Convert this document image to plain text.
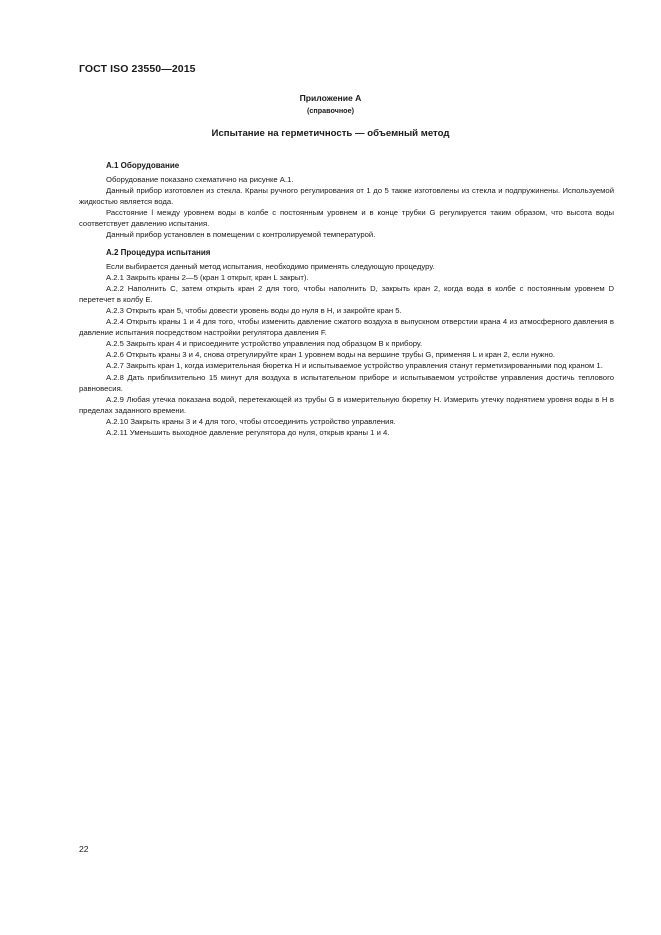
ГОСТ ISO 23550—2015
Приложение А
(справочное)
Испытание на герметичность — объемный метод
А.1 Оборудование

Оборудование показано схематично на рисунке А.1.

Данный прибор изготовлен из стекла. Краны ручного регулирования от 1 до 5 также изготовлены из стекла и подпружинены. Используемой жидкостью является вода.

Расстояние l между уровнем воды в колбе с постоянным уровнем и в конце трубки G регулируется таким образом, что высота воды соответствует давлению испытания.

Данный прибор установлен в помещении с контролируемой температурой.

А.2 Процедура испытания

Если выбирается данный метод испытания, необходимо применять следующую процедуру.

А.2.1 Закрыть краны 2—5 (кран 1 открыт, кран L закрыт).

А.2.2 Наполнить С, затем открыть кран 2 для того, чтобы наполнить D, закрыть кран 2, когда вода в колбе с постоянным уровнем D перетечет в колбу Е.

А.2.3 Открыть кран 5, чтобы довести уровень воды до нуля в Н, и закройте кран 5.

А.2.4 Открыть краны 1 и 4 для того, чтобы изменить давление сжатого воздуха в выпускном отверстии крана 4 из атмосферного давления в давление испытания посредством настройки регулятора давления F.

А.2.5 Закрыть кран 4 и присоедините устройство управления под образцом В к прибору.

А.2.6 Открыть краны 3 и 4, снова отрегулируйте кран 1 уровнем воды на вершине трубы G, применяя L и кран 2, если нужно.

А.2.7 Закрыть кран 1, когда измерительная бюретка Н и испытываемое устройство управления станут герметизированными под краном 1.

А.2.8 Дать приблизительно 15 минут для воздуха в испытательном приборе и испытываемом устройстве управления достичь теплового равновесия.

А.2.9 Любая утечка показана водой, перетекающей из трубы G в измерительную бюретку Н. Измерить утечку поднятием уровня воды в Н в пределах заданного времени.

А.2.10 Закрыть краны 3 и 4 для того, чтобы отсоединить устройство управления.

А.2.11 Уменьшить выходное давление регулятора до нуля, открыв краны 1 и 4.

22
